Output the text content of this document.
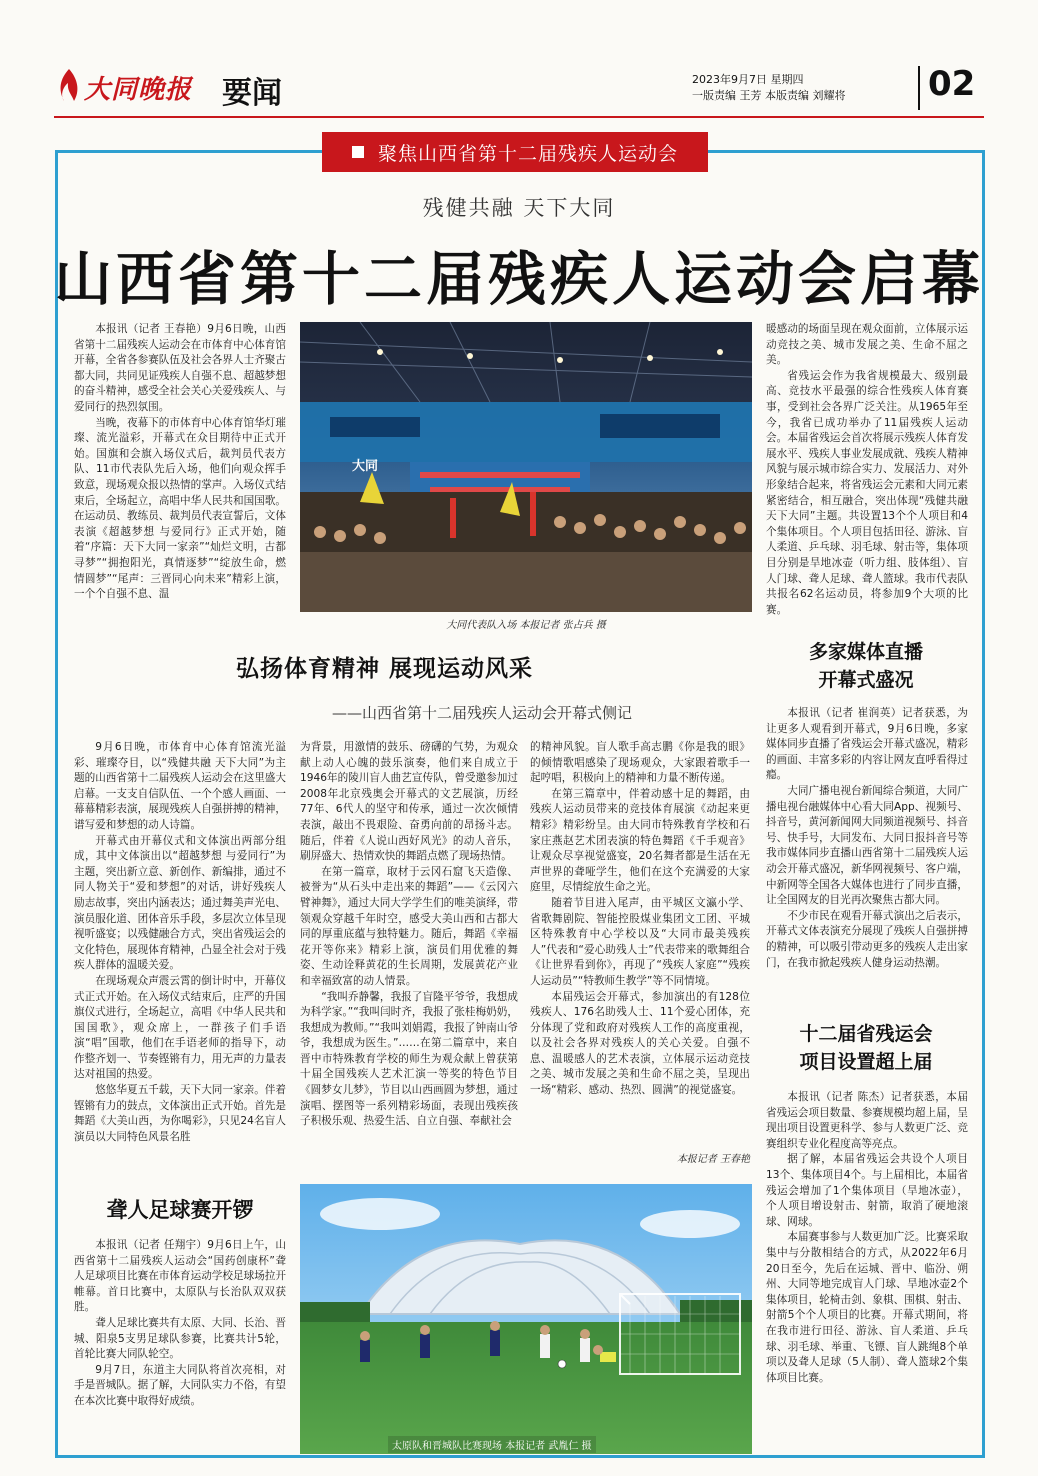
大同晚报 要闻	2023年9月7日 星期四
一版责编 王芳 本版责编 刘耀将 02
聚焦山西省第十二届残疾人运动会
残健共融 天下大同
山西省第十二届残疾人运动会启幕

本报讯（记者 王春艳）9月6日晚，山西省第十二届残疾人运动会在市体育中心体育馆开幕，全省各参赛队伍及社会各界人士齐聚古都大同，共同见证残疾人自强不息、超越梦想的奋斗精神，感受全社会关心关爱残疾人、与爱同行的热烈氛围。

当晚，夜幕下的市体育中心体育馆华灯璀璨、流光溢彩，开幕式在众目期待中正式开始。国旗和会旗入场仪式后，裁判员代表方队、11市代表队先后入场，他们向观众挥手致意，现场观众报以热情的掌声。入场仪式结束后，全场起立，高唱中华人民共和国国歌。在运动员、教练员、裁判员代表宣誓后，文体表演《超越梦想 与爱同行》正式开始，随着“序篇：天下大同一家亲”“灿烂文明，古都寻梦”“拥抱阳光，真情逐梦”“绽放生命，燃情圆梦”“尾声：三晋同心向未来”精彩上演，一个个自强不息、温

大同
大同代表队入场 本报记者 张占兵 摄

暖感动的场面呈现在观众面前，立体展示运动竞技之美、城市发展之美、生命不屈之美。

省残运会作为我省规模最大、级别最高、竞技水平最强的综合性残疾人体育赛事，受到社会各界广泛关注。从1965年至今，我省已成功举办了11届残疾人运动会。本届省残运会首次将展示残疾人体育发展水平、残疾人事业发展成就、残疾人精神风貌与展示城市综合实力、发展活力、对外形象结合起来，将省残运会元素和大同元素紧密结合，相互融合，突出体现“残健共融 天下大同”主题。共设置13个个人项目和4个集体项目。个人项目包括田径、游泳、盲人柔道、乒乓球、羽毛球、射击等，集体项目分别是旱地冰壶（听力组、肢体组）、盲人门球、聋人足球、聋人篮球。我市代表队共报名62名运动员，将参加9个大项的比赛。

弘扬体育精神 展现运动风采
——山西省第十二届残疾人运动会开幕式侧记

9月6日晚，市体育中心体育馆流光溢彩、璀璨夺目，以“残健共融 天下大同”为主题的山西省第十二届残疾人运动会在这里盛大启幕。一支支自信队伍、一个个感人画面、一幕幕精彩表演，展现残疾人自强拼搏的精神，谱写爱和梦想的动人诗篇。

开幕式由开幕仪式和文体演出两部分组成，其中文体演出以“超越梦想 与爱同行”为主题，突出新立意、新创作、新编排，通过不同人物关于“爱和梦想”的对话，讲好残疾人励志故事，突出内涵表达；通过舞美声光电、演员服化道、团体音乐手段，多层次立体呈现视听盛宴；以残健融合方式，突出省残运会的文化特色，展现体育精神，凸显全社会对于残疾人群体的温暖关爱。

在现场观众声震云霄的倒计时中，开幕仪式正式开始。在入场仪式结束后，庄严的升国旗仪式进行，全场起立，高唱《中华人民共和国国歌》，观众席上，一群孩子们手语演“唱”国歌，他们在手语老师的指导下，动作整齐划一、节奏铿锵有力，用无声的力量表达对祖国的热爱。

悠悠华夏五千载，天下大同一家亲。伴着铿锵有力的鼓点，文体演出正式开始。首先是舞蹈《大美山西，为你喝彩》，只见24名盲人演员以大同特色风景名胜

为背景，用激情的鼓乐、磅礴的气势，为观众献上动人心魄的鼓乐演奏，他们来自成立于1946年的陵川盲人曲艺宣传队，曾受邀参加过2008年北京残奥会开幕式的文艺展演，历经77年、6代人的坚守和传承，通过一次次倾情表演，敲出不畏艰险、奋勇向前的昂扬斗志。随后，伴着《人说山西好风光》的动人音乐，刷屏盛大、热情欢快的舞蹈点燃了现场热情。

在第一篇章，取材于云冈石窟飞天造像、被誉为“从石头中走出来的舞蹈”——《云冈六臂神舞》，通过大同大学学生们的唯美演绎，带领观众穿越千年时空，感受大美山西和古都大同的厚重底蕴与独特魅力。随后，舞蹈《幸福花开等你来》精彩上演，演员们用优雅的舞姿、生动诠释黄花的生长周期，发展黄花产业和幸福致富的动人情景。

“我叫乔静馨，我报了盲隆平爷爷，我想成为科学家。”“我叫闫时齐，我报了张桂梅奶奶，我想成为教师。”“我叫刘娟霞，我报了钟南山爷爷，我想成为医生。”……在第二篇章中，来自晋中市特殊教育学校的师生为观众献上曾获第十届全国残疾人艺术汇演一等奖的特色节目《圆梦女儿梦》，节目以山西画圆为梦想，通过演唱、摆图等一系列精彩场面，表现出残疾孩子积极乐观、热爱生活、自立自强、奉献社会

的精神风貌。盲人歌手高志鹏《你是我的眼》的倾情歌唱感染了现场观众，大家跟着歌手一起哼唱，积极向上的精神和力量不断传递。

在第三篇章中，伴着动感十足的舞蹈，由残疾人运动员带来的竞技体育展演《动起来更精彩》精彩纷呈。由大同市特殊教育学校和石家庄燕赵艺术团表演的特色舞蹈《千手观音》让观众尽享视觉盛宴，20名舞者都是生活在无声世界的聋哑学生，他们在这个充满爱的大家庭里，尽情绽放生命之光。

随着节目进入尾声，由平城区文瀛小学、省歌舞剧院、智能控股煤业集团文工团、平城区特殊教育中心学校以及“大同市最美残疾人”代表和“爱心助残人士”代表带来的歌舞组合《让世界看到你》，再现了“残疾人家庭”“残疾人运动员”“特教师生教学”等不同情境。

本届残运会开幕式，参加演出的有128位残疾人、176名助残人士、11个爱心团体，充分体现了党和政府对残疾人工作的高度重视，以及社会各界对残疾人的关心关爱。自强不息、温暖感人的艺术表演，立体展示运动竞技之美、城市发展之美和生命不屈之美，呈现出一场“精彩、感动、热烈、圆满”的视觉盛宴。

本报记者 王春艳
多家媒体直播
开幕式盛况

本报讯（记者 崔润英）记者获悉，为让更多人观看到开幕式，9月6日晚，多家媒体同步直播了省残运会开幕式盛况，精彩的画面、丰富多彩的内容让网友直呼看得过瘾。

大同广播电视台新闻综合频道，大同广播电视台融媒体中心看大同App、视频号、抖音号，黄河新闻网大同频道视频号、抖音号、快手号，大同发布、大同日报抖音号等我市媒体同步直播山西省第十二届残疾人运动会开幕式盛况，新华网视频号、客户端，中新网等全国各大媒体也进行了同步直播，让全国网友的目光再次聚焦古都大同。

不少市民在观看开幕式演出之后表示，开幕式文体表演充分展现了残疾人自强拼搏的精神，可以吸引带动更多的残疾人走出家门，在我市掀起残疾人健身运动热潮。

十二届省残运会
项目设置超上届

本报讯（记者 陈杰）记者获悉，本届省残运会项目数量、参赛规模均超上届，呈现出项目设置更科学、参与人数更广泛、竞赛组织专业化程度高等亮点。

据了解，本届省残运会共设个人项目13个、集体项目4个。与上届相比，本届省残运会增加了1个集体项目（旱地冰壶），个人项目增设射击、射箭，取消了硬地滚球、网球。

本届赛事参与人数更加广泛。比赛采取集中与分散相结合的方式，从2022年6月20日至今，先后在运城、晋中、临汾、朔州、大同等地完成盲人门球、旱地冰壶2个集体项目，轮椅击剑、象棋、围棋、射击、射箭5个个人项目的比赛。开幕式期间，将在我市进行田径、游泳、盲人柔道、乒乓球、羽毛球、举重、飞镖、盲人跳绳8个单项以及聋人足球（5人制）、聋人篮球2个集体项目比赛。

聋人足球赛开锣

本报讯（记者 任翔宇）9月6日上午，山西省第十二届残疾人运动会“国药创康杯”聋人足球项目比赛在市体育运动学校足球场拉开帷幕。首日比赛中，太原队与长治队双双获胜。

聋人足球比赛共有太原、大同、长治、晋城、阳泉5支男足球队参赛，比赛共计5轮，首轮比赛大同队轮空。

9月7日，东道主大同队将首次亮相，对手是晋城队。据了解，大同队实力不俗，有望在本次比赛中取得好成绩。

太原队和晋城队比赛现场 本报记者 武胤仁 摄
